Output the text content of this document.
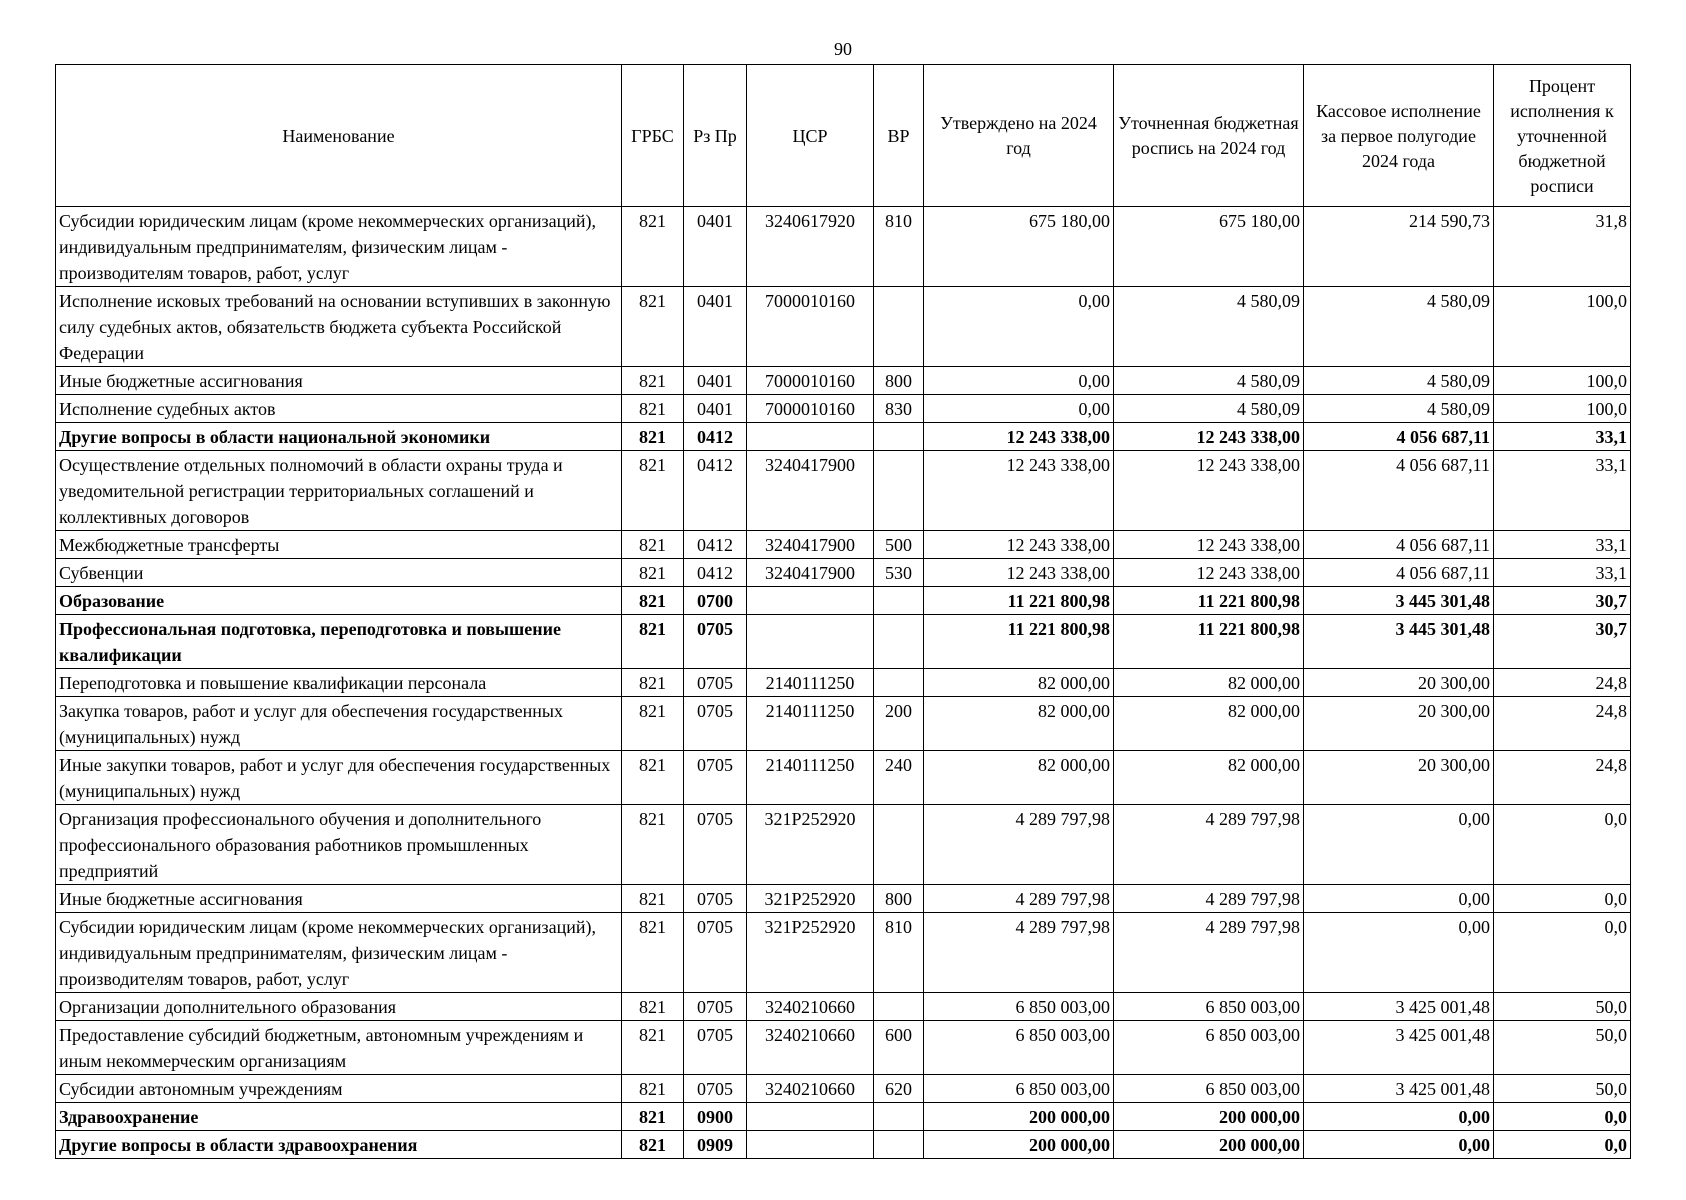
90
Наименование	ГРБС	Рз Пр	ЦСР	ВР	Утверждено на 2024 год	Уточненная бюджетная роспись на 2024 год	Кассовое исполнение за первое полугодие 2024 года	Процент исполнения к уточненной бюджетной росписи
Субсидии юридическим лицам (кроме некоммерческих организаций), индивидуальным предпринимателям, физическим лицам - производителям товаров, работ, услуг	821	0401	3240617920	810	675 180,00	675 180,00	214 590,73	31,8
Исполнение исковых требований на основании вступивших в законную силу судебных актов, обязательств бюджета субъекта Российской Федерации	821	0401	7000010160		0,00	4 580,09	4 580,09	100,0
Иные бюджетные ассигнования	821	0401	7000010160	800	0,00	4 580,09	4 580,09	100,0
Исполнение судебных актов	821	0401	7000010160	830	0,00	4 580,09	4 580,09	100,0
Другие вопросы в области национальной экономики	821	0412			12 243 338,00	12 243 338,00	4 056 687,11	33,1
Осуществление отдельных полномочий в области охраны труда и уведомительной регистрации территориальных соглашений и коллективных договоров	821	0412	3240417900		12 243 338,00	12 243 338,00	4 056 687,11	33,1
Межбюджетные трансферты	821	0412	3240417900	500	12 243 338,00	12 243 338,00	4 056 687,11	33,1
Субвенции	821	0412	3240417900	530	12 243 338,00	12 243 338,00	4 056 687,11	33,1
Образование	821	0700			11 221 800,98	11 221 800,98	3 445 301,48	30,7
Профессиональная подготовка, переподготовка и повышение квалификации	821	0705			11 221 800,98	11 221 800,98	3 445 301,48	30,7
Переподготовка и повышение квалификации персонала	821	0705	2140111250		82 000,00	82 000,00	20 300,00	24,8
Закупка товаров, работ и услуг для обеспечения государственных (муниципальных) нужд	821	0705	2140111250	200	82 000,00	82 000,00	20 300,00	24,8
Иные закупки товаров, работ и услуг для обеспечения государственных (муниципальных) нужд	821	0705	2140111250	240	82 000,00	82 000,00	20 300,00	24,8
Организация профессионального обучения и дополнительного профессионального образования работников промышленных предприятий	821	0705	321P252920		4 289 797,98	4 289 797,98	0,00	0,0
Иные бюджетные ассигнования	821	0705	321P252920	800	4 289 797,98	4 289 797,98	0,00	0,0
Субсидии юридическим лицам (кроме некоммерческих организаций), индивидуальным предпринимателям, физическим лицам - производителям товаров, работ, услуг	821	0705	321P252920	810	4 289 797,98	4 289 797,98	0,00	0,0
Организации дополнительного образования	821	0705	3240210660		6 850 003,00	6 850 003,00	3 425 001,48	50,0
Предоставление субсидий бюджетным, автономным учреждениям и иным некоммерческим организациям	821	0705	3240210660	600	6 850 003,00	6 850 003,00	3 425 001,48	50,0
Субсидии автономным учреждениям	821	0705	3240210660	620	6 850 003,00	6 850 003,00	3 425 001,48	50,0
Здравоохранение	821	0900			200 000,00	200 000,00	0,00	0,0
Другие вопросы в области здравоохранения	821	0909			200 000,00	200 000,00	0,00	0,0
